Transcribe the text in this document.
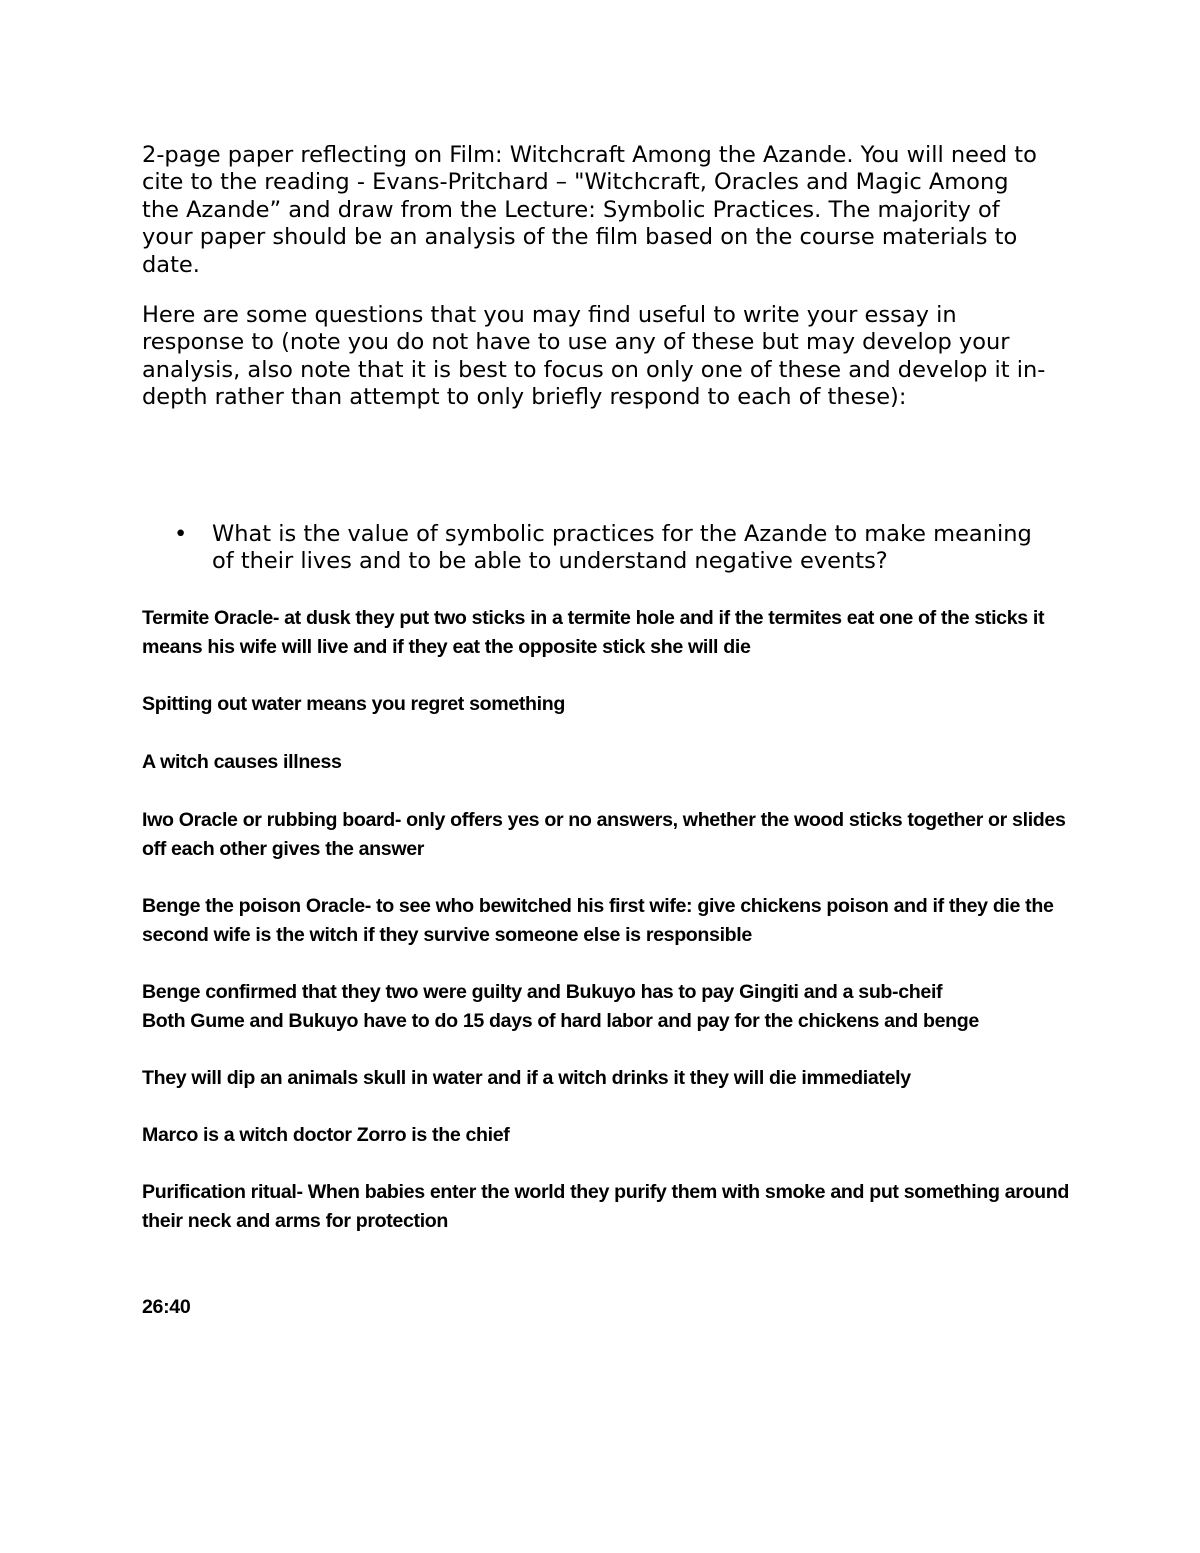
2-page paper reflecting on Film: Witchcraft Among the Azande. You will need to cite to the reading - Evans-Pritchard – "Witchcraft, Oracles and Magic Among the Azande” and draw from the Lecture: Symbolic Practices. The majority of your paper should be an analysis of the film based on the course materials to date.

Here are some questions that you may find useful to write your essay in response to (note you do not have to use any of these but may develop your analysis, also note that it is best to focus on only one of these and develop it in-depth rather than attempt to only briefly respond to each of these):

• What is the value of symbolic practices for the Azande to make meaning of their lives and to be able to understand negative events?

Termite Oracle- at dusk they put two sticks in a termite hole and if the termites eat one of the sticks it means his wife will live and if they eat the opposite stick she will die

Spitting out water means you regret something

A witch causes illness

Iwo Oracle or rubbing board- only offers yes or no answers, whether the wood sticks together or slides off each other gives the answer

Benge the poison Oracle- to see who bewitched his first wife: give chickens poison and if they die the second wife is the witch if they survive someone else is responsible

Benge confirmed that they two were guilty and Bukuyo has to pay Gingiti and a sub-cheif
Both Gume and Bukuyo have to do 15 days of hard labor and pay for the chickens and benge

They will dip an animals skull in water and if a witch drinks it they will die immediately

Marco is a witch doctor Zorro is the chief

Purification ritual- When babies enter the world they purify them with smoke and put something around their neck and arms for protection

26:40
